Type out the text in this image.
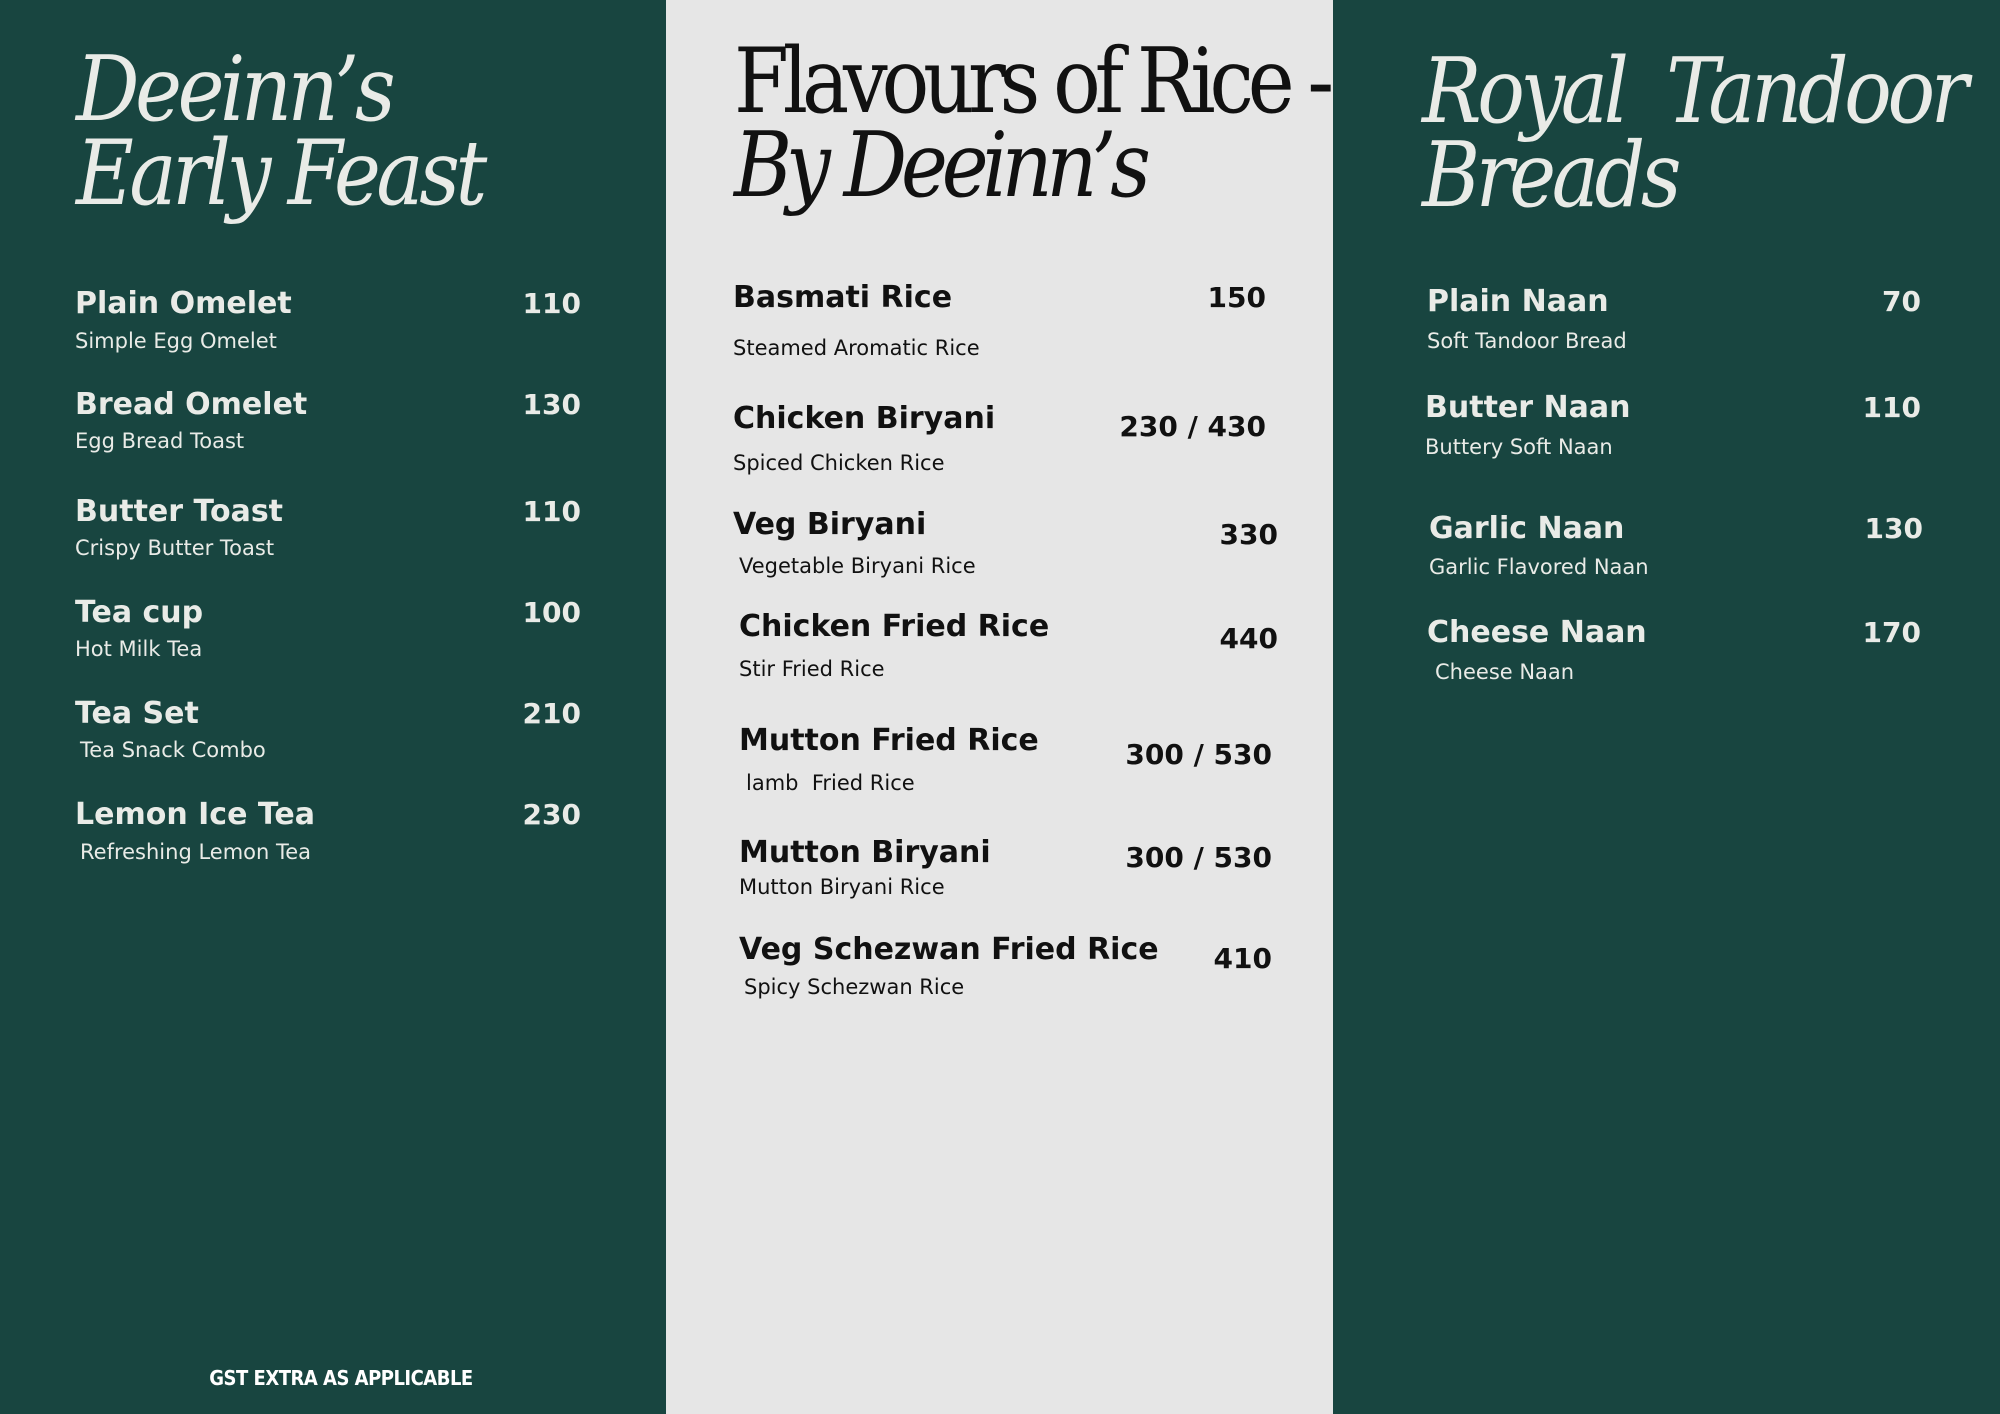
Deeinn’s
Early Feast
Plain Omelet	110
Simple Egg Omelet
Bread Omelet	130
Egg Bread Toast
Butter Toast	110
Crispy Butter Toast
Tea cup	100
Hot Milk Tea
Tea Set	210
Tea Snack Combo
Lemon Ice Tea	230
Refreshing Lemon Tea
GST EXTRA AS APPLICABLE
Flavours of Rice -
By Deeinn’s
Basmati Rice	150
Steamed Aromatic Rice
Chicken Biryani	230 / 430
Spiced Chicken Rice
Veg Biryani	330
Vegetable Biryani Rice
Chicken Fried Rice	440
Stir Fried Rice
Mutton Fried Rice	300 / 530
lamb  Fried Rice
Mutton Biryani	300 / 530
Mutton Biryani Rice
Veg Schezwan Fried Rice 410
Spicy Schezwan Rice
Royal  Tandoor
Breads
Plain Naan	70
Soft Tandoor Bread
Butter Naan	110
Buttery Soft Naan
Garlic Naan	130
Garlic Flavored Naan
Cheese Naan	170
Cheese Naan
